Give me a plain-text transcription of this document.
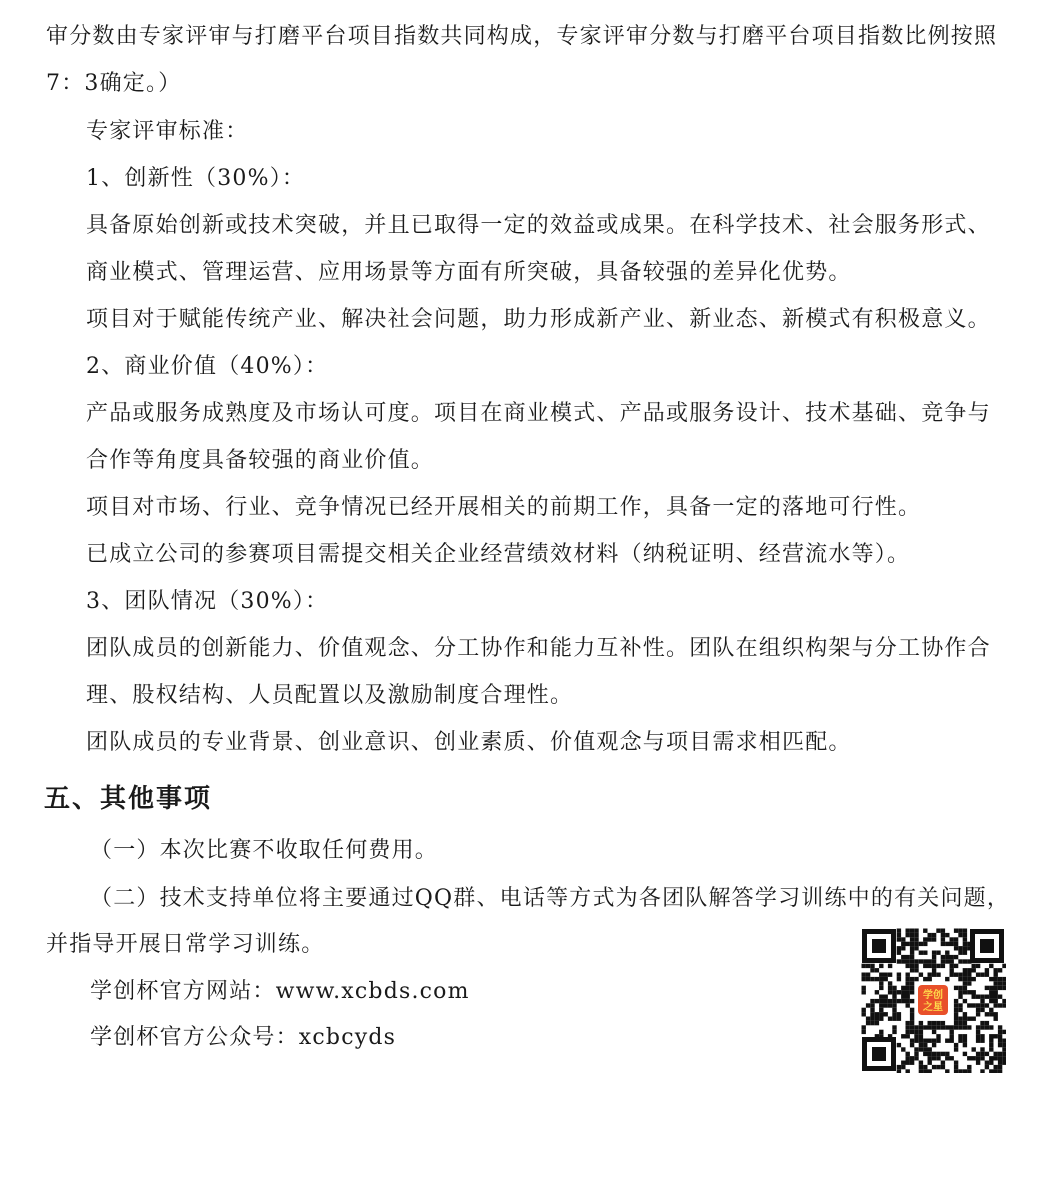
审分数由专家评审与打磨平台项目指数共同构成，专家评审分数与打磨平台项目指数比例按照
7：3确定。）
专家评审标准：
1、创新性（30%）：
具备原始创新或技术突破，并且已取得一定的效益或成果。在科学技术、社会服务形式、
商业模式、管理运营、应用场景等方面有所突破，具备较强的差异化优势。
项目对于赋能传统产业、解决社会问题，助力形成新产业、新业态、新模式有积极意义。
2、商业价值（40%）：
产品或服务成熟度及市场认可度。项目在商业模式、产品或服务设计、技术基础、竞争与
合作等角度具备较强的商业价值。
项目对市场、行业、竞争情况已经开展相关的前期工作，具备一定的落地可行性。
已成立公司的参赛项目需提交相关企业经营绩效材料（纳税证明、经营流水等）。
3、团队情况（30%）：
团队成员的创新能力、价值观念、分工协作和能力互补性。团队在组织构架与分工协作合
理、股权结构、人员配置以及激励制度合理性。
团队成员的专业背景、创业意识、创业素质、价值观念与项目需求相匹配。
五、其他事项
（一）本次比赛不收取任何费用。
（二）技术支持单位将主要通过QQ群、电话等方式为各团队解答学习训练中的有关问题，
并指导开展日常学习训练。
学创杯官方网站：www.xcbds.com
学创杯官方公众号：xcbcyds
学创
之星
